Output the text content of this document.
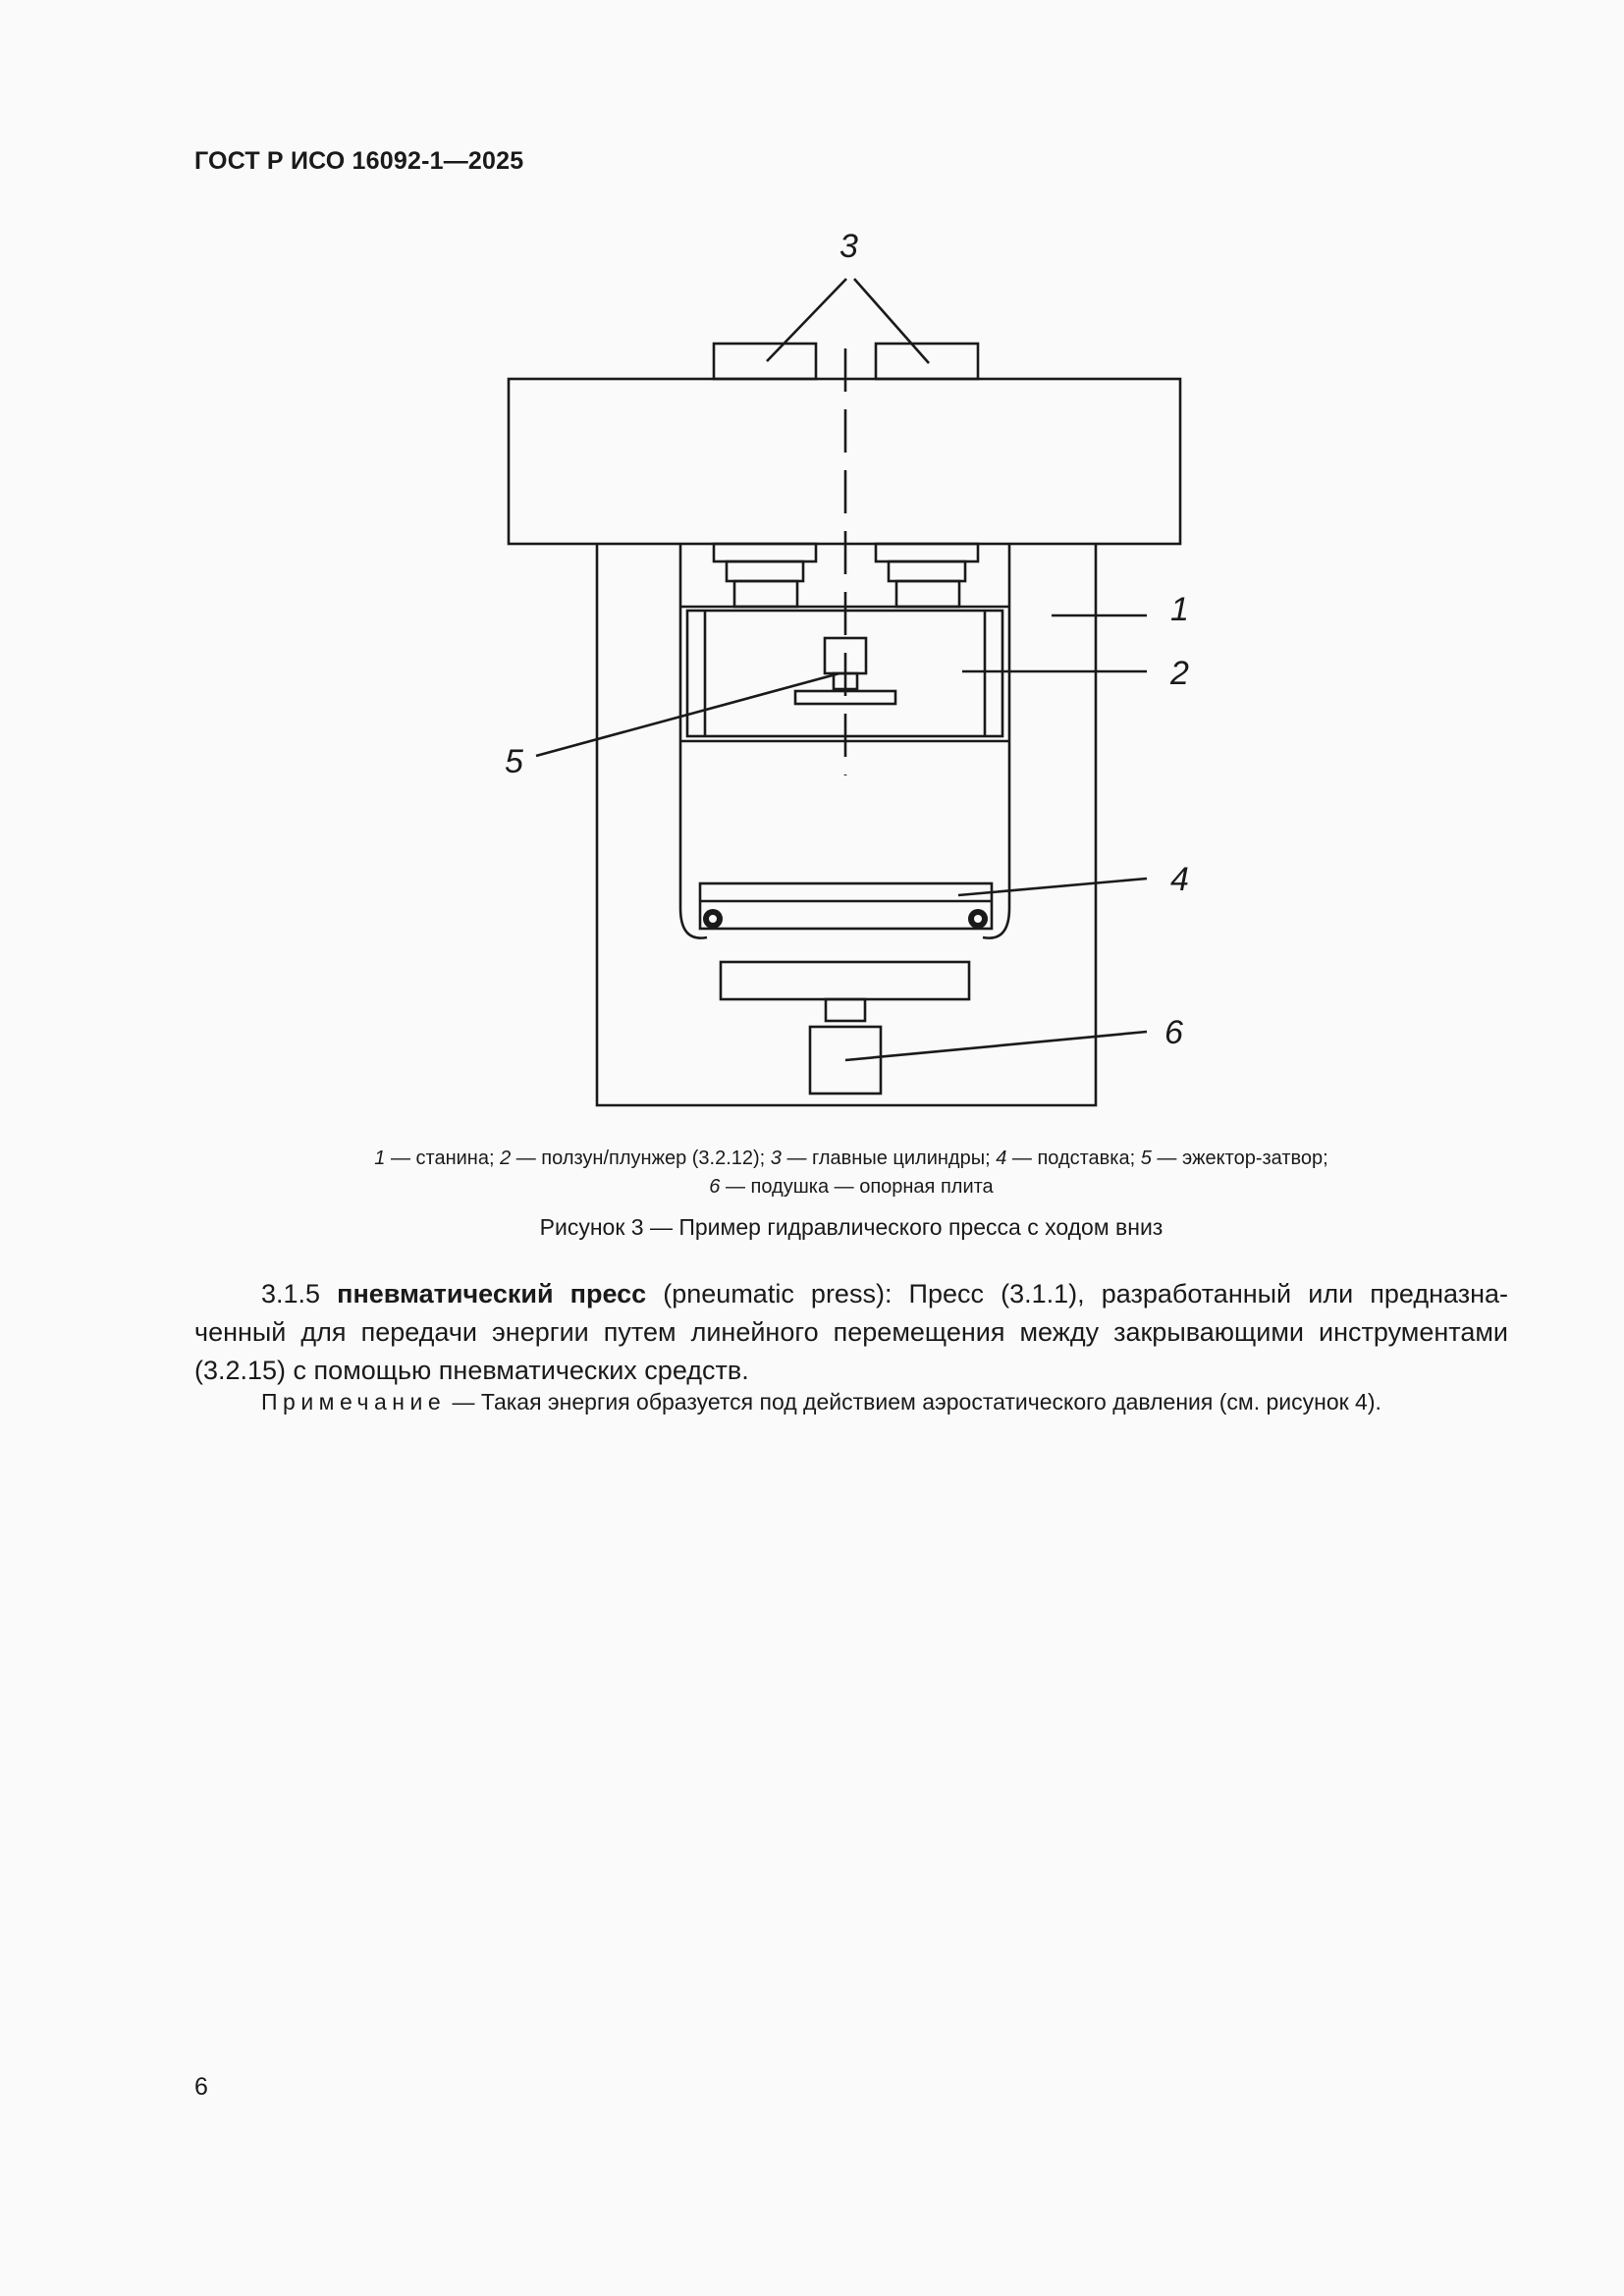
ГОСТ Р ИСО 16092-1—2025
3
1
2
5
4
6
1 — станина; 2 — ползун/плунжер (3.2.12); 3 — главные цилиндры; 4 — подставка; 5 — эжектор-затвор;
6 — подушка — опорная плита
Рисунок 3 — Пример гидравлического пресса с ходом вниз
3.1.5 пневматический пресс (pneumatic press): Пресс (3.1.1), разработанный или предназна-
ченный для передачи энергии путем линейного перемещения между закрывающими инструментами
(3.2.15) с помощью пневматических средств.
Примечание — Такая энергия образуется под действием аэростатического давления (см. рисунок 4).
6
